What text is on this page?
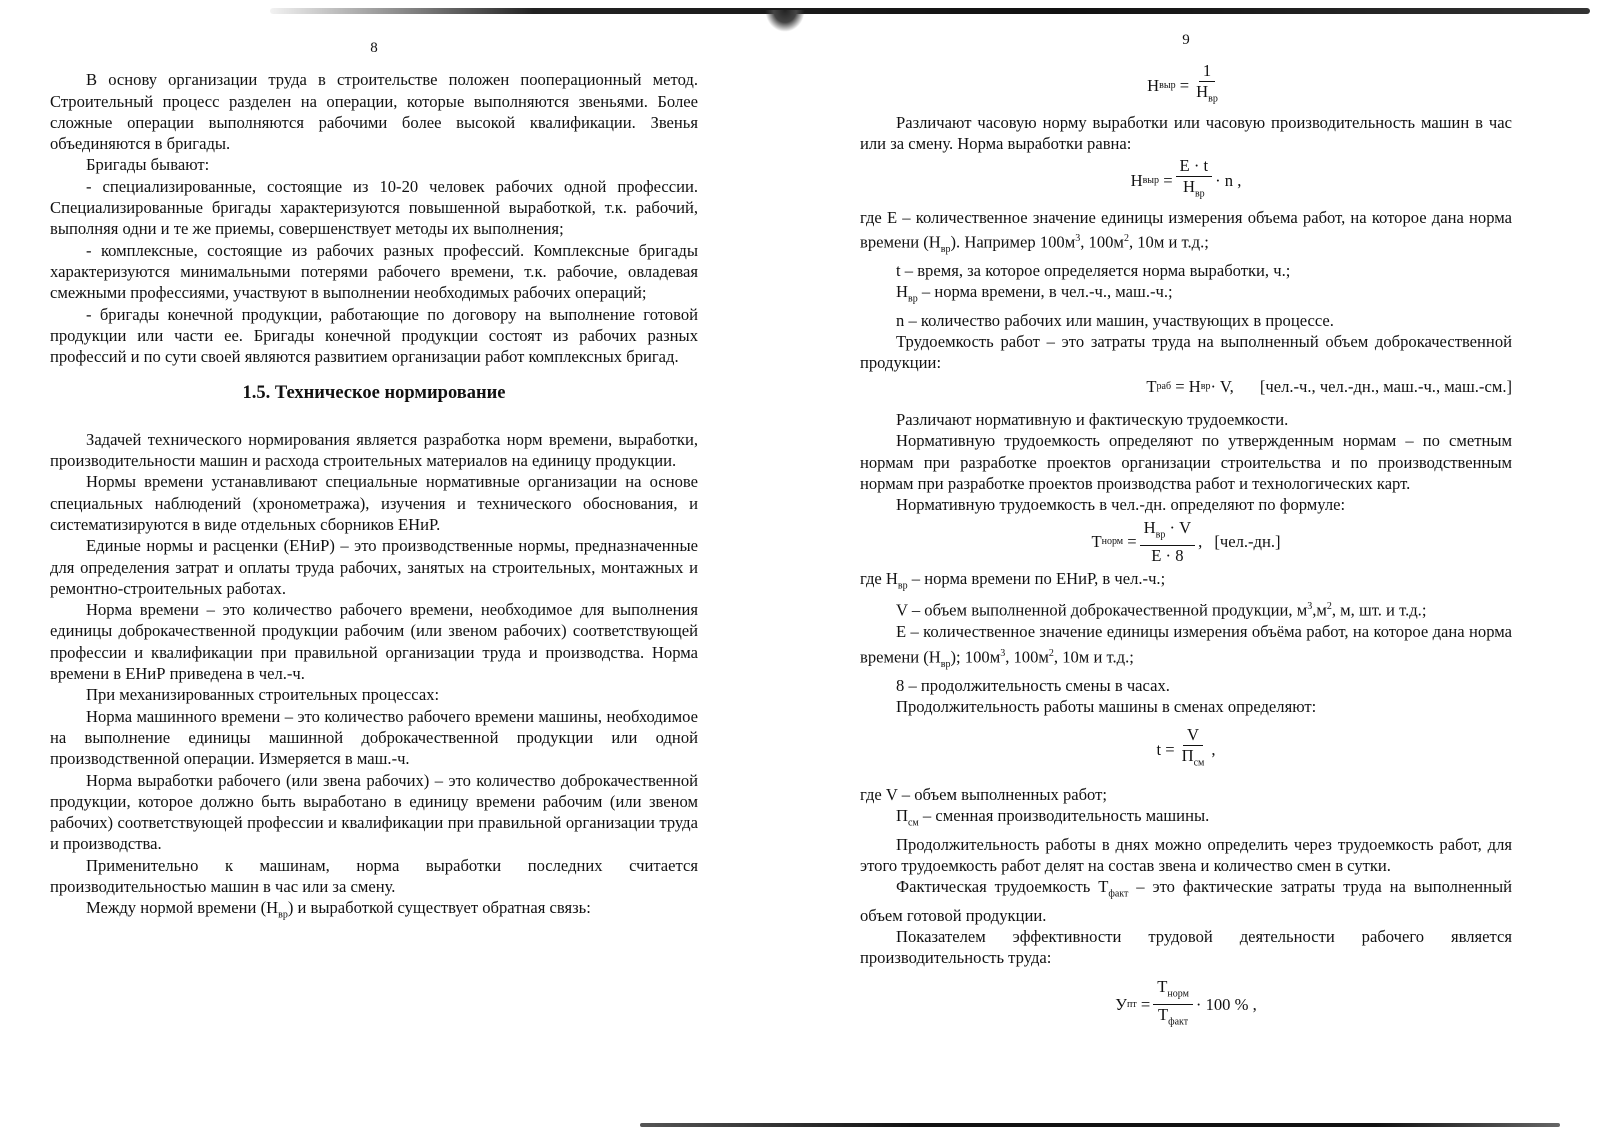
8

В основу организации труда в строительстве положен пооперационный метод. Строительный процесс разделен на операции, которые выполняются звеньями. Более сложные операции выполняются рабочими более высокой квалификации. Звенья объединяются в бригады.

Бригады бывают:

- специализированные, состоящие из 10-20 человек рабочих одной профессии. Специализированные бригады характеризуются повышенной выработкой, т.к. рабочий, выполняя одни и те же приемы, совершенствует методы их выполнения;

- комплексные, состоящие из рабочих разных профессий. Комплексные бригады характеризуются минимальными потерями рабочего времени, т.к. рабочие, овладевая смежными профессиями, участвуют в выполнении необходимых рабочих операций;

- бригады конечной продукции, работающие по договору на выполнение готовой продукции или части ее. Бригады конечной продукции состоят из рабочих разных профессий и по сути своей являются развитием организации работ комплексных бригад.

1.5. Техническое нормирование

Задачей технического нормирования является разработка норм времени, выработки, производительности машин и расхода строительных материалов на единицу продукции.

Нормы времени устанавливают специальные нормативные организации на основе специальных наблюдений (хронометража), изучения и технического обоснования, и систематизируются в виде отдельных сборников ЕНиР.

Единые нормы и расценки (ЕНиР) – это производственные нормы, предназначенные для определения затрат и оплаты труда рабочих, занятых на строительных, монтажных и ремонтно-строительных работах.

Норма времени – это количество рабочего времени, необходимое для выполнения единицы доброкачественной продукции рабочим (или звеном рабочих) соответствующей профессии и квалификации при правильной организации труда и производства. Норма времени в ЕНиР приведена в чел.-ч.

При механизированных строительных процессах:

Норма машинного времени – это количество рабочего времени машины, необходимое на выполнение единицы машинной доброкачественной продукции или одной производственной операции. Измеряется в маш.-ч.

Норма выработки рабочего (или звена рабочих) – это количество доброкачественной продукции, которое должно быть выработано в единицу времени рабочим (или звеном рабочих) соответствующей профессии и квалификации при правильной организации труда и производства.

Применительно к машинам, норма выработки последних считается производительностью машин в час или за смену.

Между нормой времени $(Н_{вр})$ и выработкой существует обратная связь:

9
Н выр
= $\frac{1}{Н_{вр}}$

Различают часовую норму выработки или часовую производительность машин в час или за смену. Норма выработки равна:

Н выр
= $\frac{Е \cdot t}{Н_{вр}} \cdot n$ ,

где Е – количественное значение единицы измерения объема работ, на которое дана норма времени $(Н_{вр})$. Например $100м^3$, $100м^2$, 10м и т.д.;

t – время, за которое определяется норма выработки, ч.;

$Н_{вр}$ – норма времени, в чел.-ч., маш.-ч.;

n – количество рабочих или машин, участвующих в процессе.

Трудоемкость работ – это затраты труда на выполненный объем доброкачественной продукции:

Т раб
= Н вр · V, [чел.-ч., чел.-дн., маш.-ч., маш.-см.]

Различают нормативную и фактическую трудоемкости.

Нормативную трудоемкость определяют по утвержденным нормам – по сметным нормам при разработке проектов организации строительства и по производственным нормам при разработке проектов производства работ и технологических карт.

Нормативную трудоемкость в чел.-дн. определяют по формуле:

Т норм
= $\frac{Н_{вр} \cdot V}{Е \cdot 8}$ , [чел.-дн.]

где $Н_{вр}$ – норма времени по ЕНиР, в чел.-ч.;

V – объем выполненной доброкачественной продукции, $м^3,м^2$, м, шт. и т.д.;

Е – количественное значение единицы измерения объёма работ, на которое дана норма времени $(Н_{вр})$; $100м^3$, $100м^2$, 10м и т.д.;

8 – продолжительность смены в часах.

Продолжительность работы машины в сменах определяют:

t
= $\frac{V}{П_{см}}$ ,

где V – объем выполненных работ;

$П_{см}$ – сменная производительность машины.

Продолжительность работы в днях можно определить через трудоемкость работ, для этого трудоемкость работ делят на состав звена и количество смен в сутки.

Фактическая трудоемкость $Т_{факт}$ – это фактические затраты труда на выполненный объем готовой продукции.

Показателем эффективности трудовой деятельности рабочего является производительность труда:

У пт
= $\frac{Т_{норм}}{Т_{факт}} \cdot 100$ % ,
